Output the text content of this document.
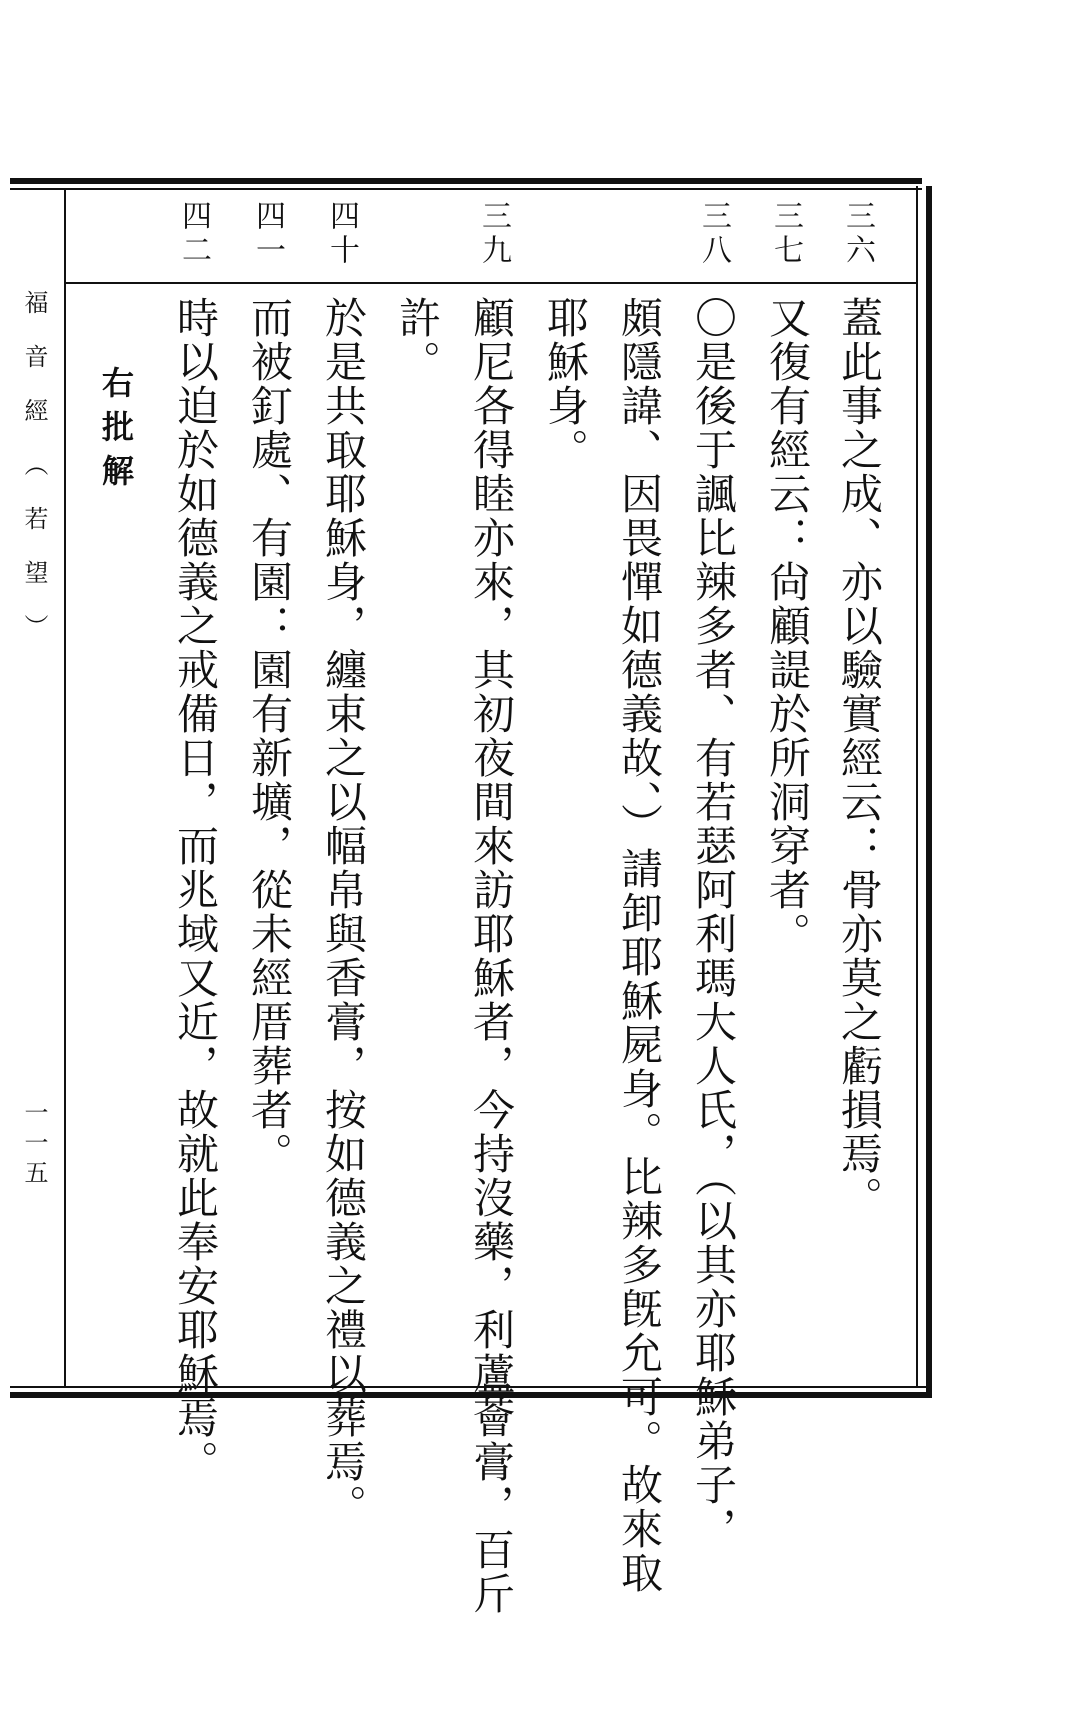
福音經（若望）
一一五
三六
三七
三八
三九
四十
四一
四二
蓋此事之成、亦以驗實經云：骨亦莫之虧損焉。
又復有經云：尙顧諟於所洞穿者。
〇是後于諷比辣多者、有若瑟阿利瑪大人氏，（以其亦耶穌弟子，
頗隱諱、因畏憚如德義故、）請卸耶穌屍身。比辣多旣允可。故來取
耶穌身。
顧尼各得睦亦來，其初夜間來訪耶穌者，今持沒藥，利蘆薈膏，百斤
許。
於是共取耶穌身，纏束之以幅帛與香膏，按如德義之禮以葬焉。
而被釘處、有園：園有新壙，從未經厝葬者。
時以迫於如德義之戒備日，而兆域又近，故就此奉安耶穌焉。
右批解
